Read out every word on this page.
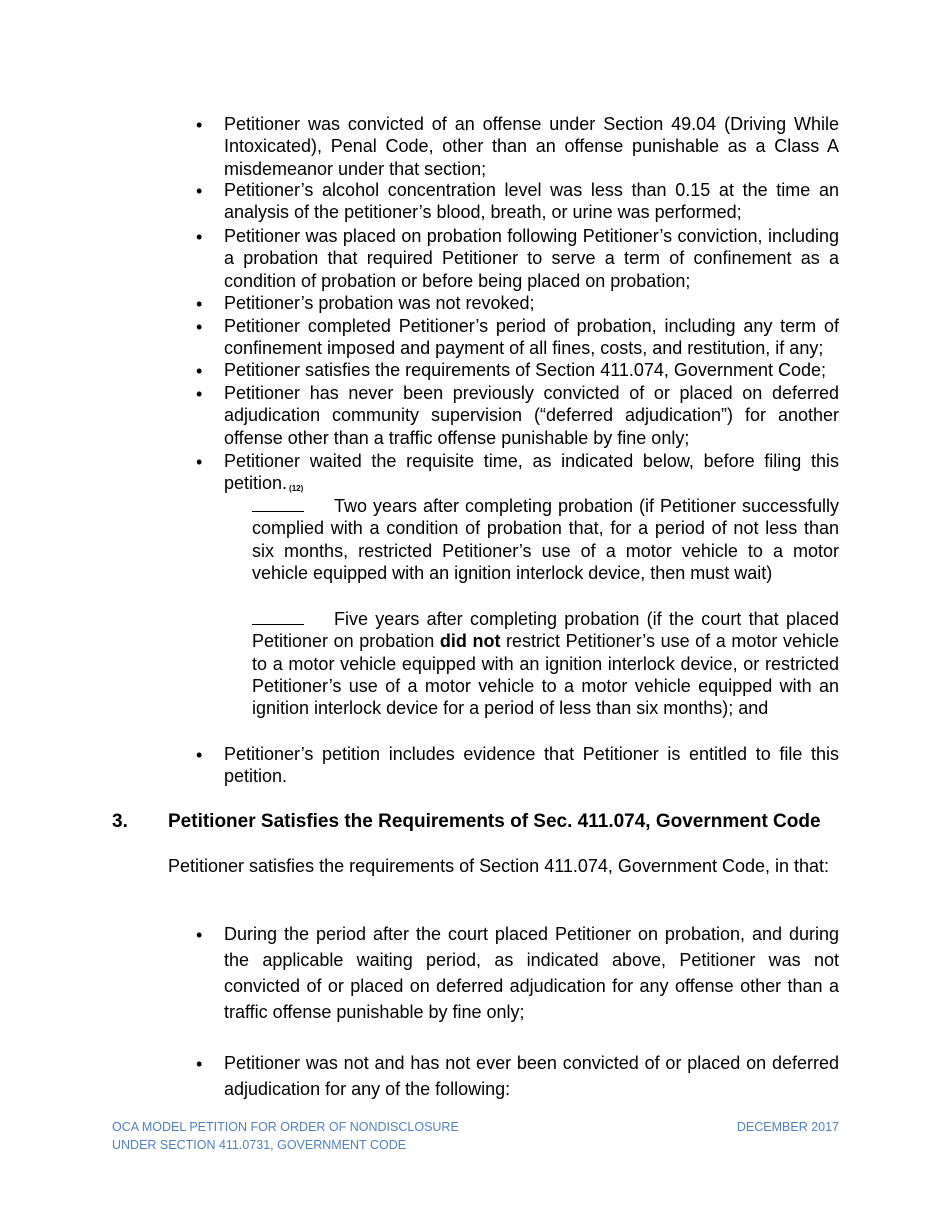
• Petitioner was convicted of an offense under Section 49.04 (Driving While Intoxicated), Penal Code, other than an offense punishable as a Class A misdemeanor under that section;
• Petitioner’s alcohol concentration level was less than 0.15 at the time an analysis of the petitioner’s blood, breath, or urine was performed;
• Petitioner was placed on probation following Petitioner’s conviction, including a probation that required Petitioner to serve a term of confinement as a condition of probation or before being placed on probation;
• Petitioner’s probation was not revoked;
• Petitioner completed Petitioner’s period of probation, including any term of confinement imposed and payment of all fines, costs, and restitution, if any;
• Petitioner satisfies the requirements of Section 411.074, Government Code;
• Petitioner has never been previously convicted of or placed on deferred adjudication community supervision (“deferred adjudication”) for another offense other than a traffic offense punishable by fine only;
• Petitioner waited the requisite time, as indicated below, before filing this petition. $_{(12)}$
Two years after completing probation (if Petitioner successfully complied with a condition of probation that, for a period of not less than six months, restricted Petitioner’s use of a motor vehicle to a motor vehicle equipped with an ignition interlock device, then must wait)
Five years after completing probation (if the court that placed Petitioner on probation did not restrict Petitioner’s use of a motor vehicle to a motor vehicle equipped with an ignition interlock device, or restricted Petitioner’s use of a motor vehicle to a motor vehicle equipped with an ignition interlock device for a period of less than six months); and
• Petitioner’s petition includes evidence that Petitioner is entitled to file this petition.
3. Petitioner Satisfies the Requirements of Sec. 411.074, Government Code
Petitioner satisfies the requirements of Section 411.074, Government Code, in that:
• During the period after the court placed Petitioner on probation, and during the applicable waiting period, as indicated above, Petitioner was not convicted of or placed on deferred adjudication for any offense other than a traffic offense punishable by fine only;
• Petitioner was not and has not ever been convicted of or placed on deferred adjudication for any of the following:
OCA MODEL PETITION FOR ORDER OF NONDISCLOSURE
UNDER SECTION 411.0731, GOVERNMENT CODE
DECEMBER 2017
